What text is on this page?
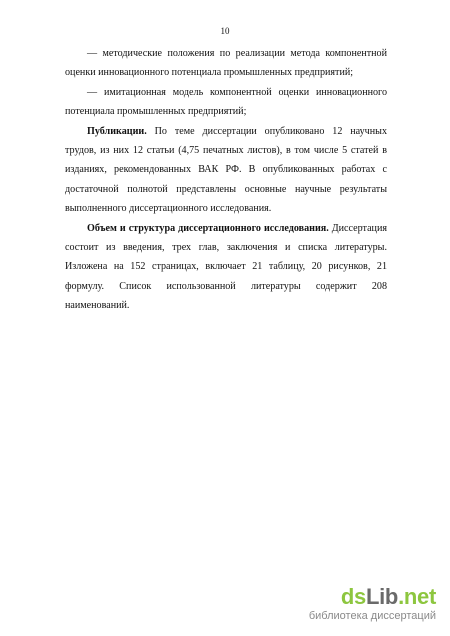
10

— методические положения по реализации метода компонентной оценки инновационного потенциала промышленных предприятий;

— имитационная модель компонентной оценки инновационного потенциала промышленных предприятий;

Публикации. По теме диссертации опубликовано 12 научных трудов, из них 12 статьи (4,75 печатных листов), в том числе 5 статей в изданиях, рекомендованных ВАК РФ. В опубликованных работах с достаточной полнотой представлены основные научные результаты выполненного диссертационного исследования.

Объем и структура диссертационного исследования. Диссертация состоит из введения, трех глав, заключения и списка литературы. Изложена на 152 страницах, включает 21 таблицу, 20 рисунков, 21 формулу. Список использованной литературы содержит 208 наименований.

dsLib.net
библиотека диссертаций
